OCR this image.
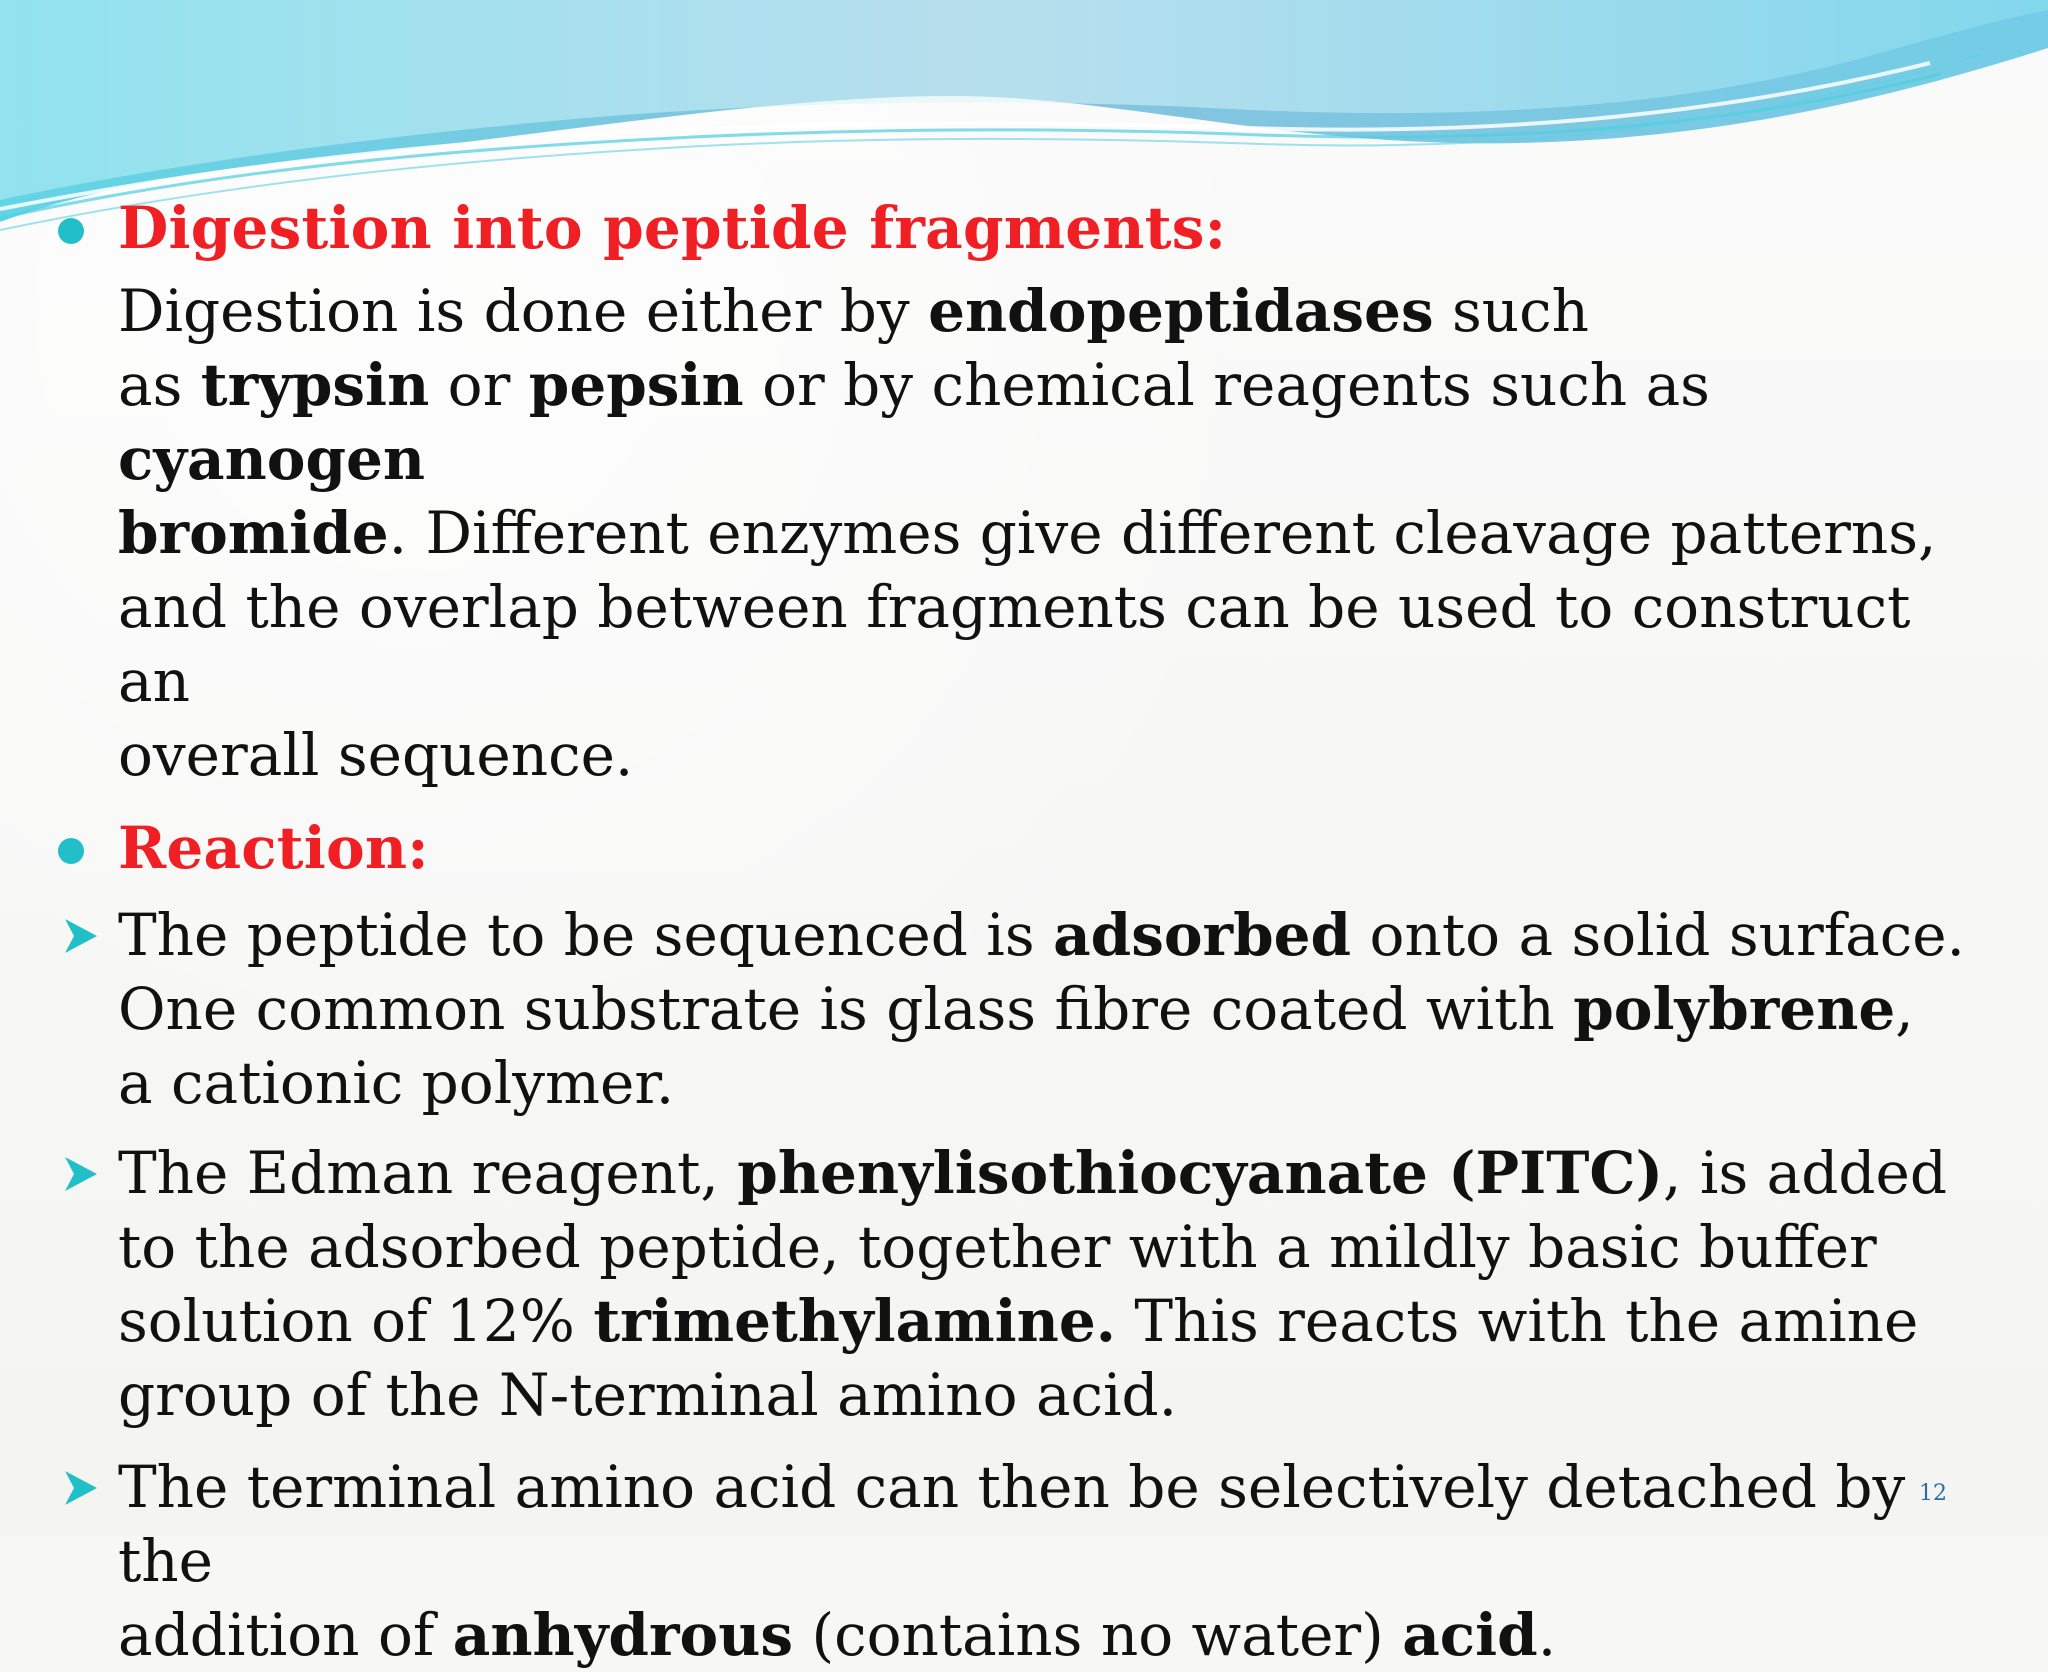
Digestion into peptide fragments:

Digestion is done either by endopeptidases such

as trypsin or pepsin or by chemical reagents such as cyanogen

bromide. Different enzymes give different cleavage patterns,

and the overlap between fragments can be used to construct an

overall sequence.

Reaction:

The peptide to be sequenced is adsorbed onto a solid surface.

One common substrate is glass fibre coated with polybrene,

a cationic polymer.

The Edman reagent, phenylisothiocyanate (PITC), is added

to the adsorbed peptide, together with a mildly basic buffer

solution of 12% trimethylamine. This reacts with the amine

group of the N-terminal amino acid.

The terminal amino acid can then be selectively detached by the

addition of anhydrous (contains no water) acid.

12
